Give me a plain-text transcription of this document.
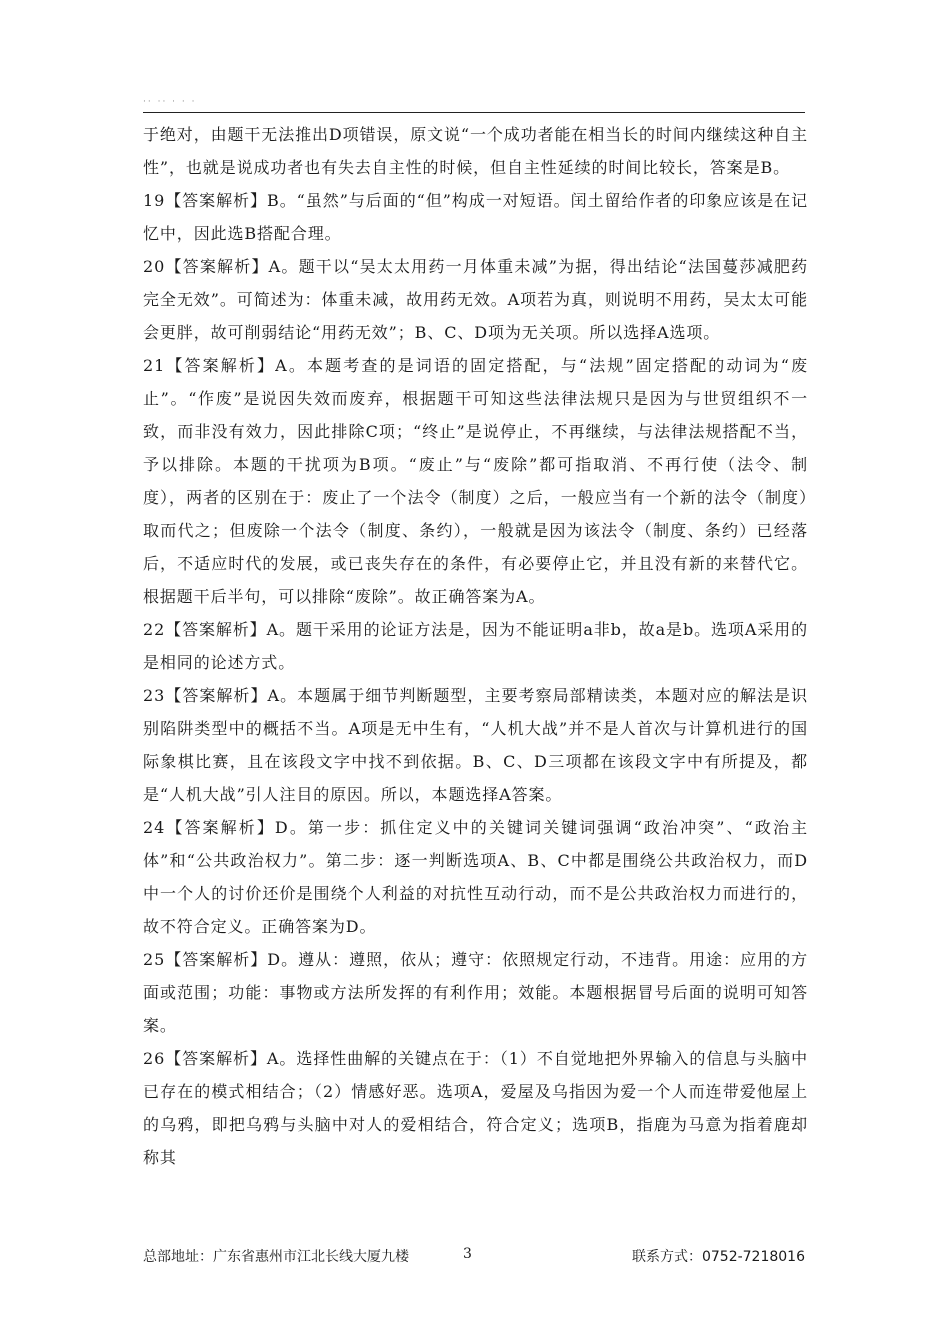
·· ·· · · ·

于绝对，由题干无法推出D项错误，原文说“一个成功者能在相当长的时间内继续这种自主性”，也就是说成功者也有失去自主性的时候，但自主性延续的时间比较长，答案是B。

19【答案解析】B。“虽然”与后面的“但”构成一对短语。闰土留给作者的印象应该是在记忆中，因此选B搭配合理。

20【答案解析】A。题干以“吴太太用药一月体重未减”为据，得出结论“法国蔓莎减肥药完全无效”。可简述为：体重未减，故用药无效。A项若为真，则说明不用药，吴太太可能会更胖，故可削弱结论“用药无效”；B、C、D项为无关项。所以选择A选项。

21【答案解析】A。本题考查的是词语的固定搭配，与“法规”固定搭配的动词为“废止”。“作废”是说因失效而废弃，根据题干可知这些法律法规只是因为与世贸组织不一致，而非没有效力，因此排除C项；“终止”是说停止，不再继续，与法律法规搭配不当，予以排除。本题的干扰项为B项。“废止”与“废除”都可指取消、不再行使（法令、制度），两者的区别在于：废止了一个法令（制度）之后，一般应当有一个新的法令（制度）取而代之；但废除一个法令（制度、条约），一般就是因为该法令（制度、条约）已经落后，不适应时代的发展，或已丧失存在的条件，有必要停止它，并且没有新的来替代它。根据题干后半句，可以排除“废除”。故正确答案为A。

22【答案解析】A。题干采用的论证方法是，因为不能证明a非b，故a是b。选项A采用的是相同的论述方式。

23【答案解析】A。本题属于细节判断题型，主要考察局部精读类，本题对应的解法是识别陷阱类型中的概括不当。A项是无中生有，“人机大战”并不是人首次与计算机进行的国际象棋比赛，且在该段文字中找不到依据。B、C、D三项都在该段文字中有所提及，都是“人机大战”引人注目的原因。所以，本题选择A答案。

24【答案解析】D。第一步：抓住定义中的关键词关键词强调“政治冲突”、“政治主体”和“公共政治权力”。第二步：逐一判断选项A、B、C中都是围绕公共政治权力，而D中一个人的讨价还价是围绕个人利益的对抗性互动行动，而不是公共政治权力而进行的，故不符合定义。正确答案为D。

25【答案解析】D。遵从：遵照，依从；遵守：依照规定行动，不违背。用途：应用的方面或范围；功能：事物或方法所发挥的有利作用；效能。本题根据冒号后面的说明可知答案。

26【答案解析】A。选择性曲解的关键点在于：（1）不自觉地把外界输入的信息与头脑中已存在的模式相结合；（2）情感好恶。选项A，爱屋及乌指因为爱一个人而连带爱他屋上的乌鸦，即把乌鸦与头脑中对人的爱相结合，符合定义；选项B，指鹿为马意为指着鹿却称其

总部地址：广东省惠州市江北长线大厦九楼	3	联系方式：0752-7218016
